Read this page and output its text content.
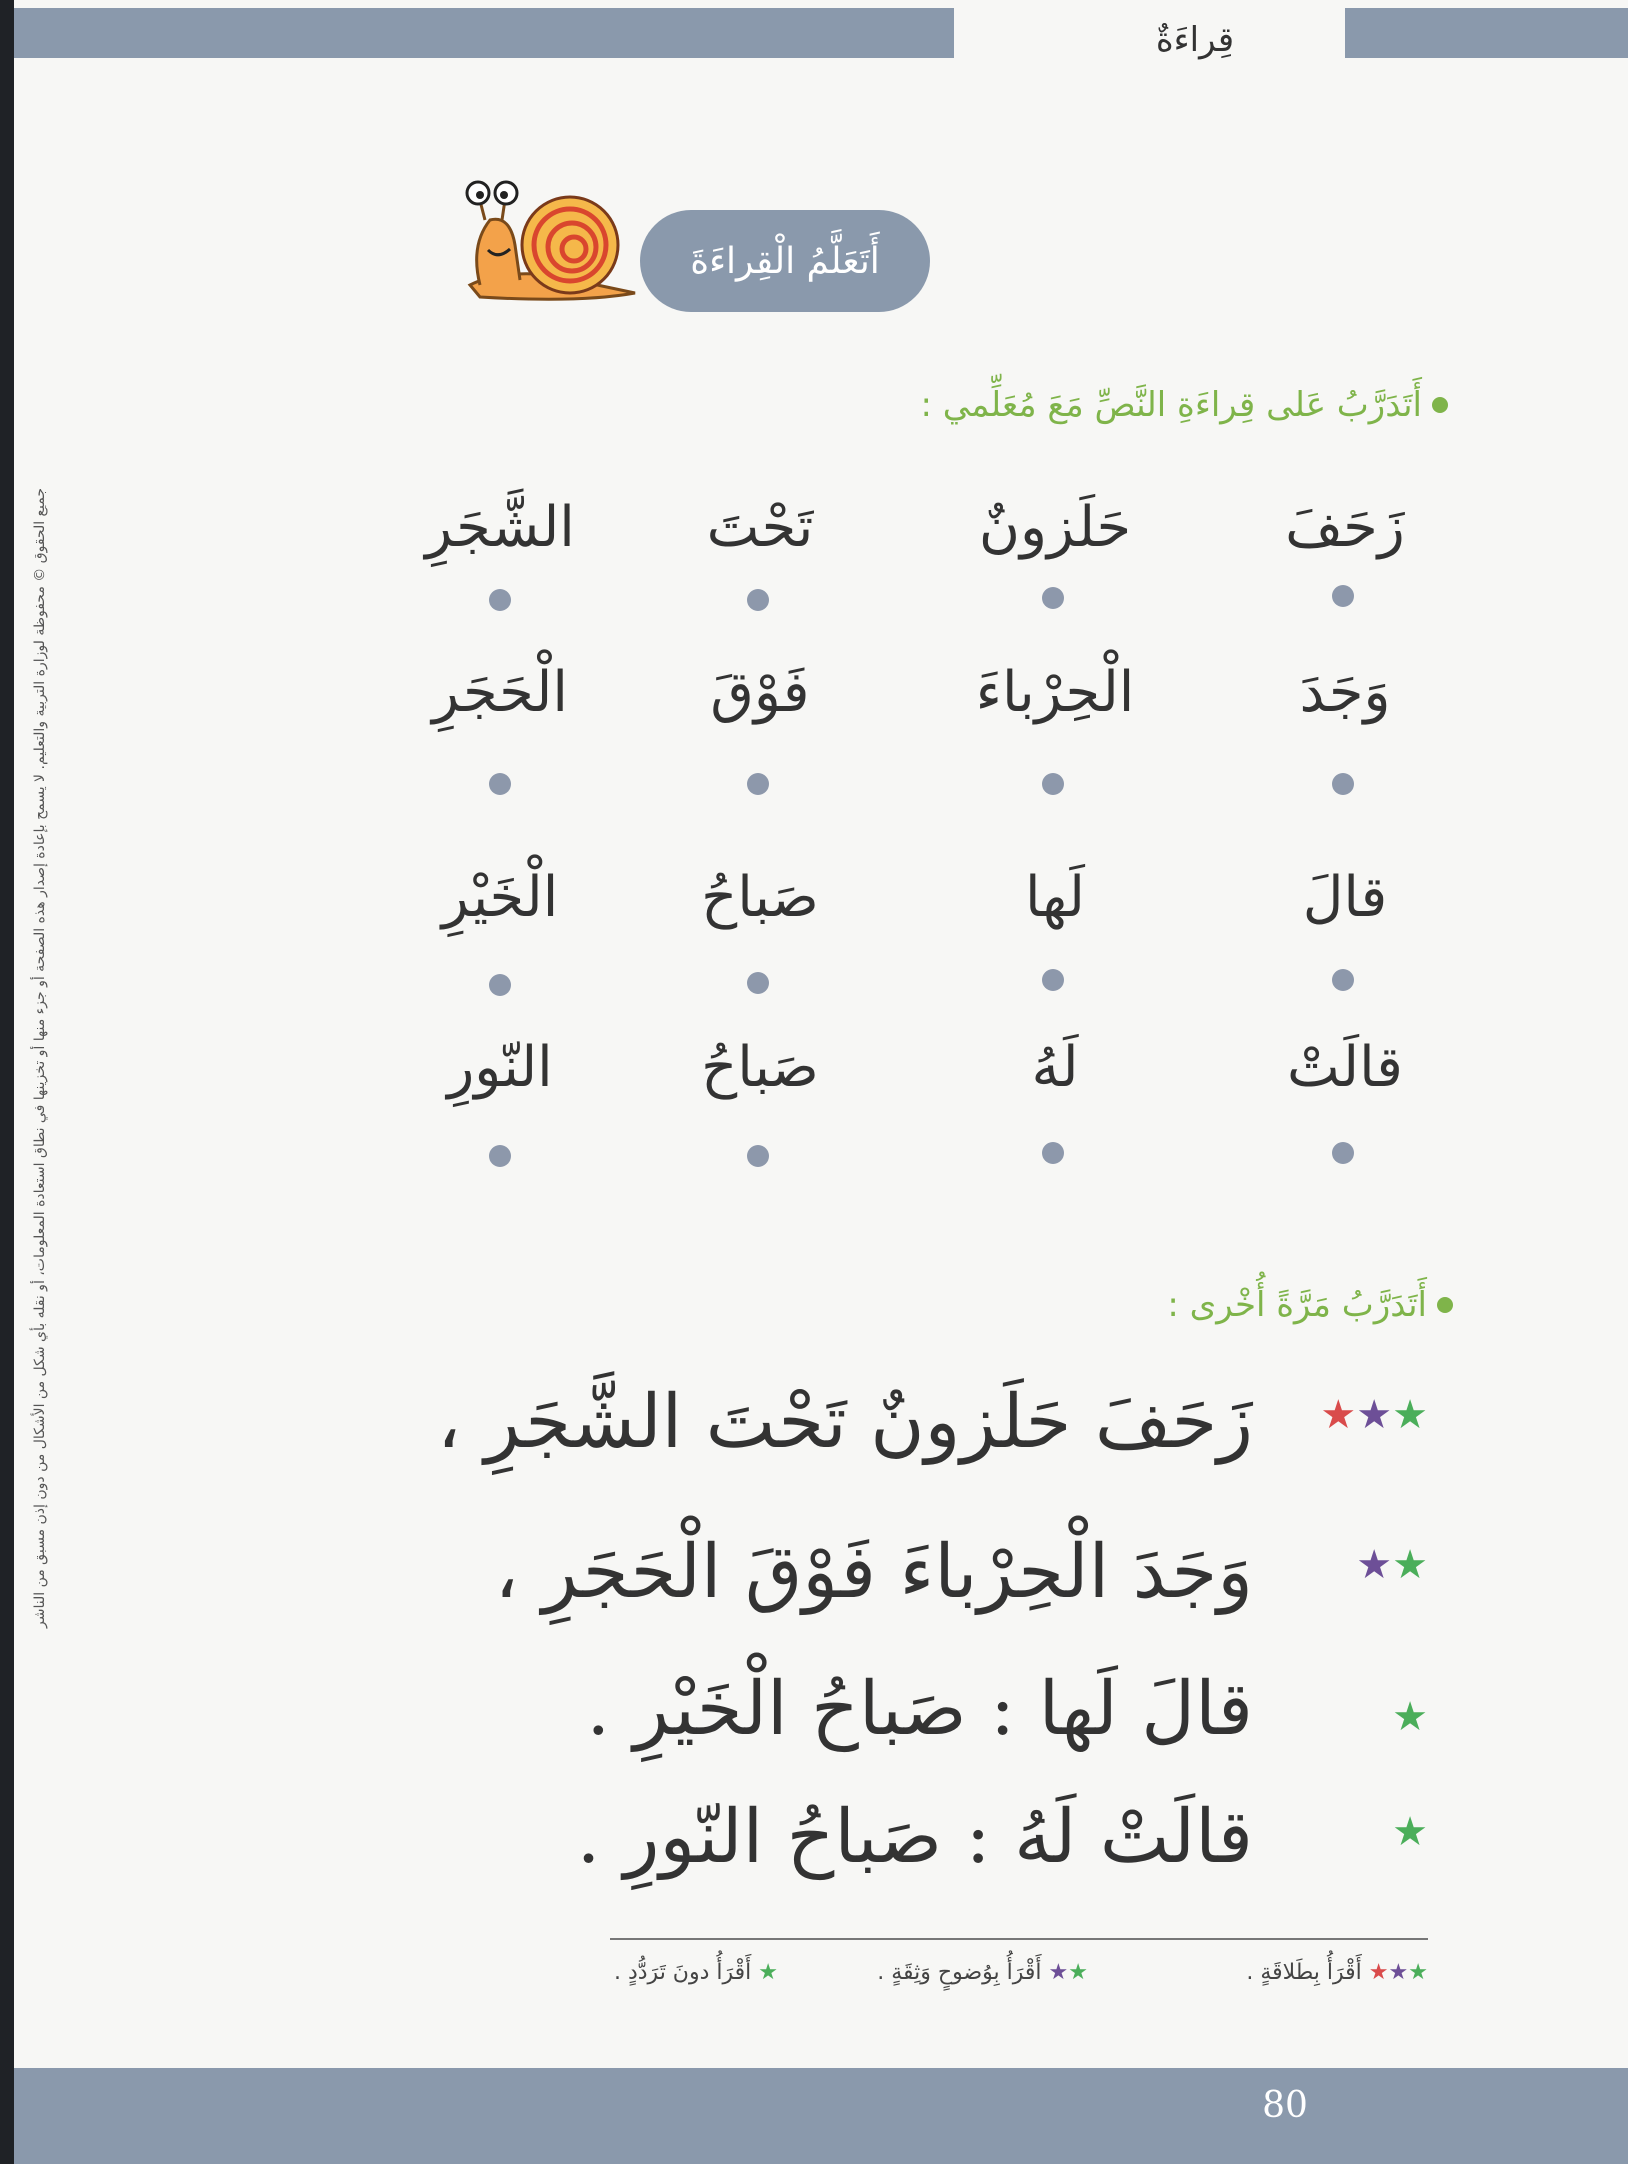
قِراءَةٌ
جميع الحقوق © محفوظة لوزارة التربية والتعليم. لا يسمح بإعادة إصدار هذه الصفحة أو جزء منها أو تخزينها في نطاق استعادة المعلومات، أو نقله بأي شكل من الأشكال من دون إذن مسبق من الناشر
أَتَعَلَّمُ الْقِراءَةَ
أَتَدَرَّبُ عَلى قِراءَةِ النَّصِّ مَعَ مُعَلِّمي :
زَحَفَ
حَلَزونٌ
تَحْتَ
الشَّجَرِ
وَجَدَ
الْحِرْباءَ
فَوْقَ
الْحَجَرِ
قالَ
لَها
صَباحُ
الْخَيْرِ
قالَتْ
لَهُ
صَباحُ
النّورِ
أَتَدَرَّبُ مَرَّةً أُخْرى :
★★★
زَحَفَ حَلَزونٌ تَحْتَ الشَّجَرِ ،
★★
وَجَدَ الْحِرْباءَ فَوْقَ الْحَجَرِ ،
★
قالَ لَها : صَباحُ الْخَيْرِ .
★
قالَتْ لَهُ : صَباحُ النّورِ .
★★★ أَقْرَأُ بِطَلاقَةٍ .
★★ أَقْرَأُ بِوُضوحٍ وَثِقَةٍ .
★ أَقْرَأُ دونَ تَرَدُّدٍ .
80
